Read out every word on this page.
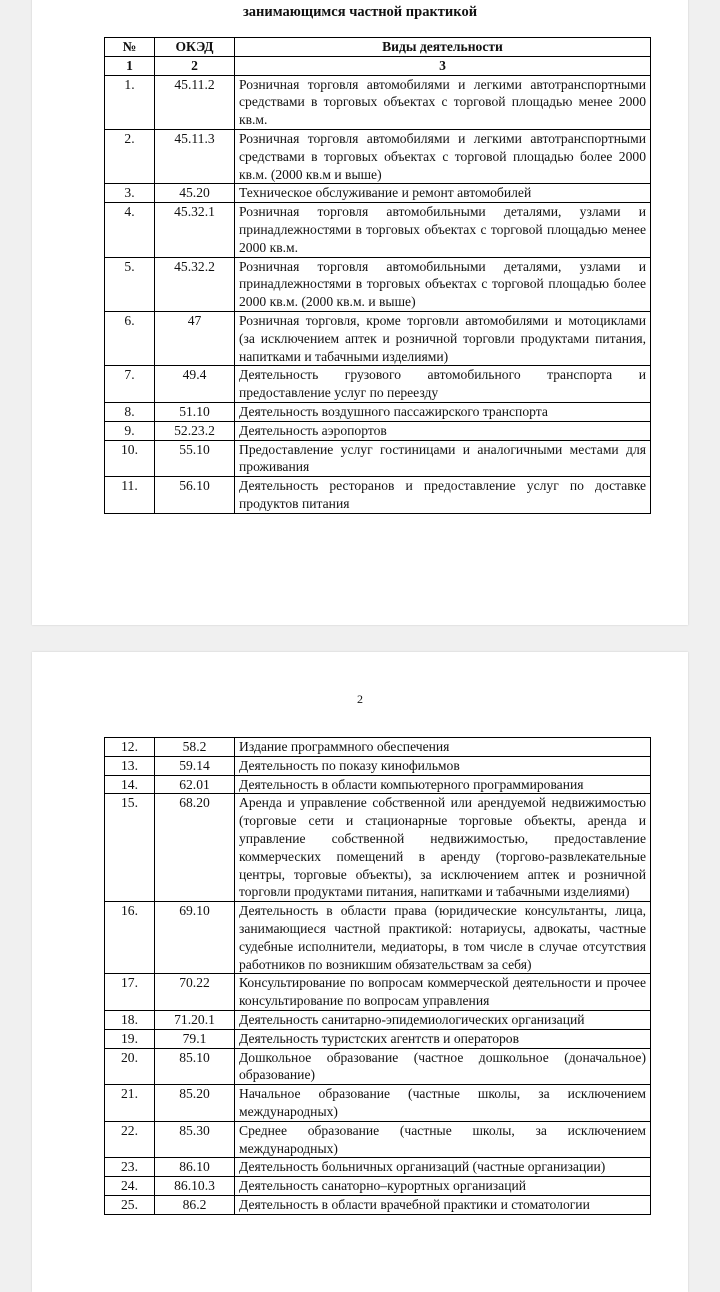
занимающимся частной практикой
№	ОКЭД	Виды деятельности
1	2	3
1.	45.11.2	Розничная торговля автомобилями и легкими автотранспортными средствами в торговых объектах с торговой площадью менее 2000 кв.м.
2.	45.11.3	Розничная торговля автомобилями и легкими автотранспортными средствами в торговых объектах с торговой площадью более 2000 кв.м. (2000 кв.м и выше)
3.	45.20	Техническое обслуживание и ремонт автомобилей
4.	45.32.1	Розничная торговля автомобильными деталями, узлами и принадлежностями в торговых объектах с торговой площадью менее 2000 кв.м.
5.	45.32.2	Розничная торговля автомобильными деталями, узлами и принадлежностями в торговых объектах с торговой площадью более 2000 кв.м. (2000 кв.м. и выше)
6.	47	Розничная торговля, кроме торговли автомобилями и мотоциклами (за исключением аптек и розничной торговли продуктами питания, напитками и табачными изделиями)
7.	49.4	Деятельность грузового автомобильного транспорта и предоставление услуг по переезду
8.	51.10	Деятельность воздушного пассажирского транспорта
9.	52.23.2	Деятельность аэропортов
10.	55.10	Предоставление услуг гостиницами и аналогичными местами для проживания
11.	56.10	Деятельность ресторанов и предоставление услуг по доставке продуктов питания
2
12.	58.2	Издание программного обеспечения
13.	59.14	Деятельность по показу кинофильмов
14.	62.01	Деятельность в области компьютерного программирования
15.	68.20	Аренда и управление собственной или арендуемой недвижимостью (торговые сети и стационарные торговые объекты, аренда и управление собственной недвижимостью, предоставление коммерческих помещений в аренду (торгово-развлекательные центры, торговые объекты), за исключением аптек и розничной торговли продуктами питания, напитками и табачными изделиями)
16.	69.10	Деятельность в области права (юридические консультанты, лица, занимающиеся частной практикой: нотариусы, адвокаты, частные судебные исполнители, медиаторы, в том числе в случае отсутствия работников по возникшим обязательствам за себя)
17.	70.22	Консультирование по вопросам коммерческой деятельности и прочее консультирование по вопросам управления
18.	71.20.1	Деятельность санитарно-эпидемиологических организаций
19.	79.1	Деятельность туристских агентств и операторов
20.	85.10	Дошкольное образование (частное дошкольное (доначальное) образование)
21.	85.20	Начальное образование (частные школы, за исключением международных)
22.	85.30	Среднее образование (частные школы, за исключением международных)
23.	86.10	Деятельность больничных организаций (частные организации)
24.	86.10.3	Деятельность санаторно–курортных организаций
25.	86.2	Деятельность в области врачебной практики и стоматологии
